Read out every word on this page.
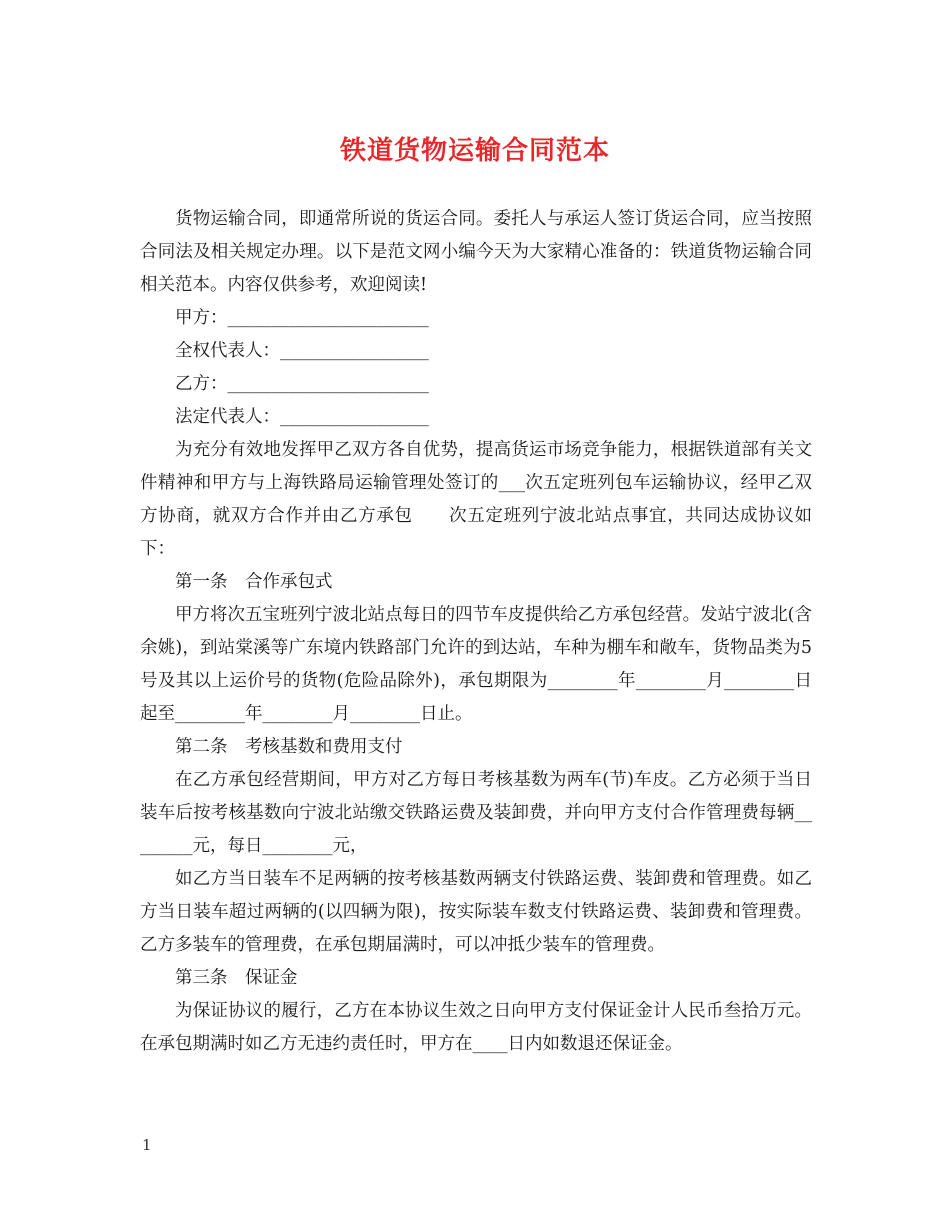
铁道货物运输合同范本

货物运输合同，即通常所说的货运合同。委托人与承运人签订货运合同，应当按照合同法及相关规定办理。以下是范文网小编今天为大家精心准备的：铁道货物运输合同相关范本。内容仅供参考，欢迎阅读!

甲方：_______________________

全权代表人：_________________

乙方：_______________________

法定代表人：_________________

为充分有效地发挥甲乙双方各自优势，提高货运市场竞争能力，根据铁道部有关文件精神和甲方与上海铁路局运输管理处签订的___次五定班列包车运输协议，经甲乙双方协商，就双方合作并由乙方承包　　次五定班列宁波北站点事宜，共同达成协议如下：

第一条　合作承包式

甲方将次五宝班列宁波北站点每日的四节车皮提供给乙方承包经营。发站宁波北(含余姚)，到站棠溪等广东境内铁路部门允许的到达站，车种为棚车和敞车，货物品类为5号及其以上运价号的货物(危险品除外)，承包期限为________年________月________日起至________年________月________日止。

第二条　考核基数和费用支付

在乙方承包经营期间，甲方对乙方每日考核基数为两车(节)车皮。乙方必须于当日装车后按考核基数向宁波北站缴交铁路运费及装卸费，并向甲方支付合作管理费每辆________元，每日________元，

如乙方当日装车不足两辆的按考核基数两辆支付铁路运费、装卸费和管理费。如乙方当日装车超过两辆的(以四辆为限)，按实际装车数支付铁路运费、装卸费和管理费。乙方多装车的管理费，在承包期届满时，可以冲抵少装车的管理费。

第三条　保证金

为保证协议的履行，乙方在本协议生效之日向甲方支付保证金计人民币叁拾万元。在承包期满时如乙方无违约责任时，甲方在____日内如数退还保证金。

1
